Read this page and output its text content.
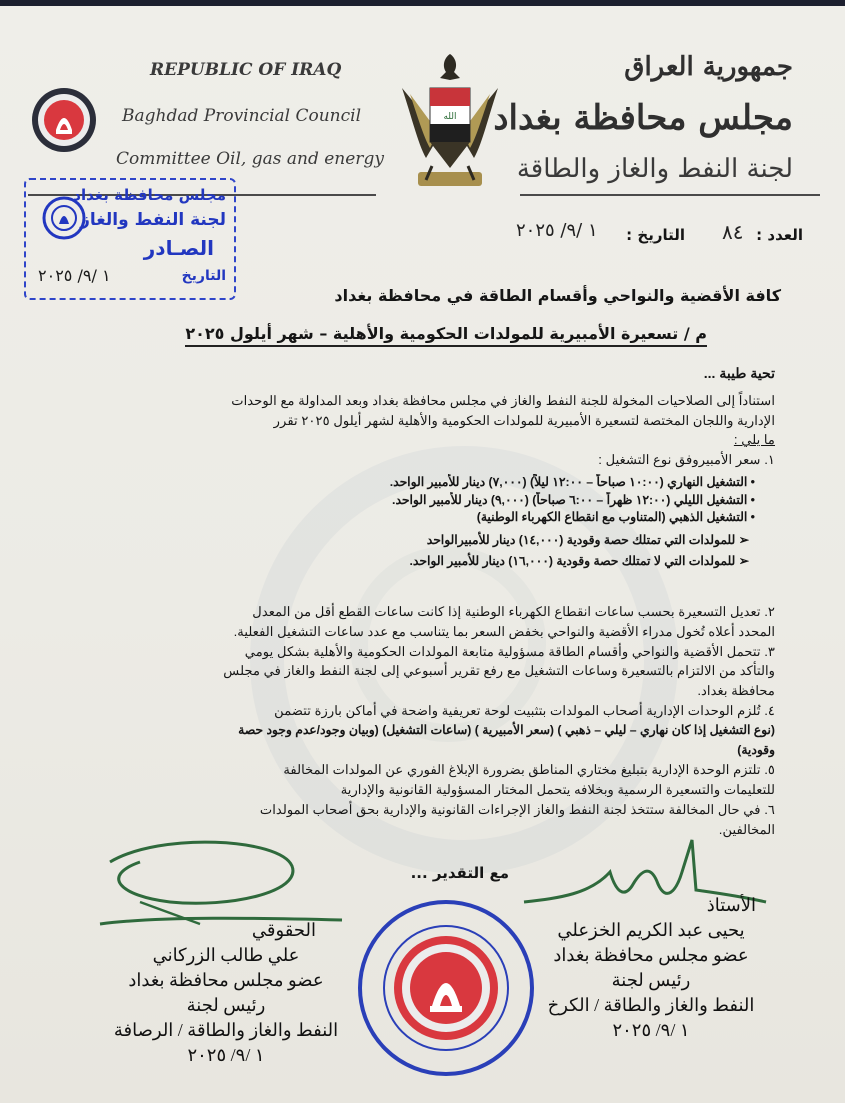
REPUBLIC OF IRAQ
Baghdad Provincial Council
Committee Oil, gas and energy
الله
جمهورية العراق
مجلس محافظة بغداد
لجنة النفط والغاز والطاقة
مجلس محافظة بغداد
لجنة النفط والغاز
الصـادر
التاريخ
١ /٩/ ٢٠٢٥
العدد :
٨٤
التاريخ :
١ /٩/ ٢٠٢٥
كافة الأقضية والنواحي وأقسام الطاقة في محافظة بغداد
م / تسعيرة الأمبيرية للمولدات الحكومية والأهلية – شهر أيلول ٢٠٢٥
تحية طيبة ...
استناداً إلى الصلاحيات المخولة للجنة النفط والغاز في مجلس محافظة بغداد وبعد المداولة مع الوحدات
الإدارية واللجان المختصة لتسعيرة الأمبيرية للمولدات الحكومية والأهلية لشهر أيلول ٢٠٢٥ تقرر
ما يلي :
١. سعر الأمبيروفق نوع التشغيل :
• التشغيل النهاري (١٠:٠٠ صباحاً – ١٢:٠٠ ليلاً) (٧,٠٠٠) دينار للأمبير الواحد.
• التشغيل الليلي (١٢:٠٠ ظهراً – ٦:٠٠ صباحاً) (٩,٠٠٠) دينار للأمبير الواحد.
• التشغيل الذهبي (المتناوب مع انقطاع الكهرباء الوطنية)
➢ للمولدات التي تمتلك حصة وقودية (١٤,٠٠٠) دينار للأمبيرالواحد
➢ للمولدات التي لا تمتلك حصة وقودية (١٦,٠٠٠) دينار للأمبير الواحد.
٢. تعديل التسعيرة بحسب ساعات انقطاع الكهرباء الوطنية إذا كانت ساعات القطع أقل من المعدل
المحدد أعلاه تُخول مدراء الأقضية والنواحي بخفض السعر بما يتناسب مع عدد ساعات التشغيل الفعلية.
٣. تتحمل الأقضية والنواحي وأقسام الطاقة مسؤولية متابعة المولدات الحكومية والأهلية بشكل يومي
والتأكد من الالتزام بالتسعيرة وساعات التشغيل مع رفع تقرير أسبوعي إلى لجنة النفط والغاز في مجلس
محافظة بغداد.
٤. تُلزم الوحدات الإدارية أصحاب المولدات بتثبيت لوحة تعريفية واضحة في أماكن بارزة تتضمن
(نوع التشغيل إذا كان نهاري – ليلي – ذهبي ) (سعر الأمبيرية ) (ساعات التشغيل) (وبيان وجود/عدم وجود حصة
وقودية)
٥. تلتزم الوحدة الإدارية بتبليغ مختاري المناطق بضرورة الإبلاغ الفوري عن المولدات المخالفة
للتعليمات والتسعيرة الرسمية وبخلافه يتحمل المختار المسؤولية القانونية والإدارية
٦. في حال المخالفة ستتخذ لجنة النفط والغاز الإجراءات القانونية والإدارية بحق أصحاب المولدات
المخالفين.
مع التقدير ...
الأستاذ
يحيى عبد الكريم الخزعلي
عضو مجلس محافظة بغداد
رئيس لجنة
النفط والغاز والطاقة / الكرخ
١ /٩/ ٢٠٢٥
الحقوقي
علي طالب الزركاني
عضو مجلس محافظة بغداد
رئيس لجنة
النفط والغاز والطاقة / الرصافة
١ /٩/ ٢٠٢٥
